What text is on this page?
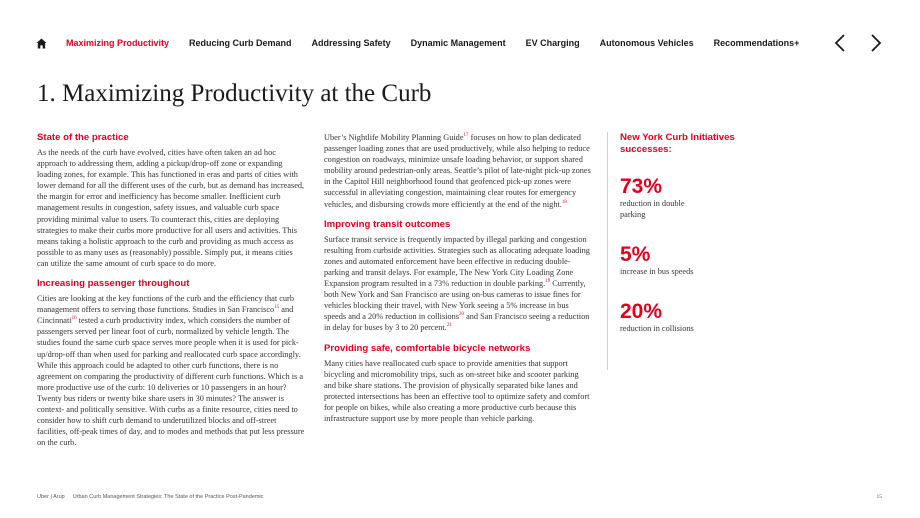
Maximizing Productivity Reducing Curb Demand Addressing Safety Dynamic Management EV Charging Autonomous Vehicles Recommendations+
1. Maximizing Productivity at the Curb
State of the practice

As the needs of the curb have evolved, cities have often taken an ad hoc approach to addressing them, adding a pickup/drop-off zone or expanding loading zones, for example. This has functioned in eras and parts of cities with lower demand for all the different uses of the curb, but as demand has increased, the margin for error and inefficiency has become smaller. Inefficient curb management results in congestion, safety issues, and valuable curb space providing minimal value to users. To counteract this, cities are deploying strategies to make their curbs more productive for all users and activities. This means taking a holistic approach to the curb and providing as much access as possible to as many uses as (reasonably) possible. Simply put, it means cities can utilize the same amount of curb space to do more.

Increasing passenger throughout

Cities are looking at the key functions of the curb and the efficiency that curb management offers to serving those functions. Studies in San Francisco$^{15}$ and Cincinnati$^{16}$ tested a curb productivity index, which considers the number of passengers served per linear foot of curb, normalized by vehicle length. The studies found the same curb space serves more people when it is used for pick-up/drop-off than when used for parking and reallocated curb space accordingly. While this approach could be adapted to other curb functions, there is no agreement on comparing the productivity of different curb functions. Which is a more productive use of the curb: 10 deliveries or 10 passengers in an hour? Twenty bus riders or twenty bike share users in 30 minutes? The answer is context- and politically sensitive. With curbs as a finite resource, cities need to consider how to shift curb demand to underutilized blocks and off-street facilities, off-peak times of day, and to modes and methods that put less pressure on the curb.

Uber’s Nightlife Mobility Planning Guide$^{17}$ focuses on how to plan dedicated passenger loading zones that are used productively, while also helping to reduce congestion on roadways, minimize unsafe loading behavior, or support shared mobility around pedestrian-only areas. Seattle’s pilot of late-night pick-up zones in the Capitol Hill neighborhood found that geofenced pick-up zones were successful in alleviating congestion, maintaining clear routes for emergency vehicles, and disbursing crowds more efficiently at the end of the night.$^{18}$

Improving transit outcomes

Surface transit service is frequently impacted by illegal parking and congestion resulting from curbside activities. Strategies such as allocating adequate loading zones and automated enforcement have been effective in reducing double-parking and transit delays. For example, The New York City Loading Zone Expansion program resulted in a 73% reduction in double parking.$^{19}$ Currently, both New York and San Francisco are using on-bus cameras to issue fines for vehicles blocking their travel, with New York seeing a 5% increase in bus speeds and a 20% reduction in collisions$^{20}$ and San Francisco seeing a reduction in delay for buses by 3 to 20 percent.$^{21}$

Providing safe, comfortable bicycle networks

Many cities have reallocated curb space to provide amenities that support bicycling and micromobility trips, such as on-street bike and scooter parking and bike share stations. The provision of physically separated bike lanes and protected intersections has been an effective tool to optimize safety and comfort for people on bikes, while also creating a more productive curb because this infrastructure support use by more people than vehicle parking.

New York Curb Initiatives successes:
73%
reduction in double parking
5%
increase in bus speeds
20%
reduction in collisions
Uber | Arup Urban Curb Management Strategies: The State of the Practice Post-Pandemic	15
